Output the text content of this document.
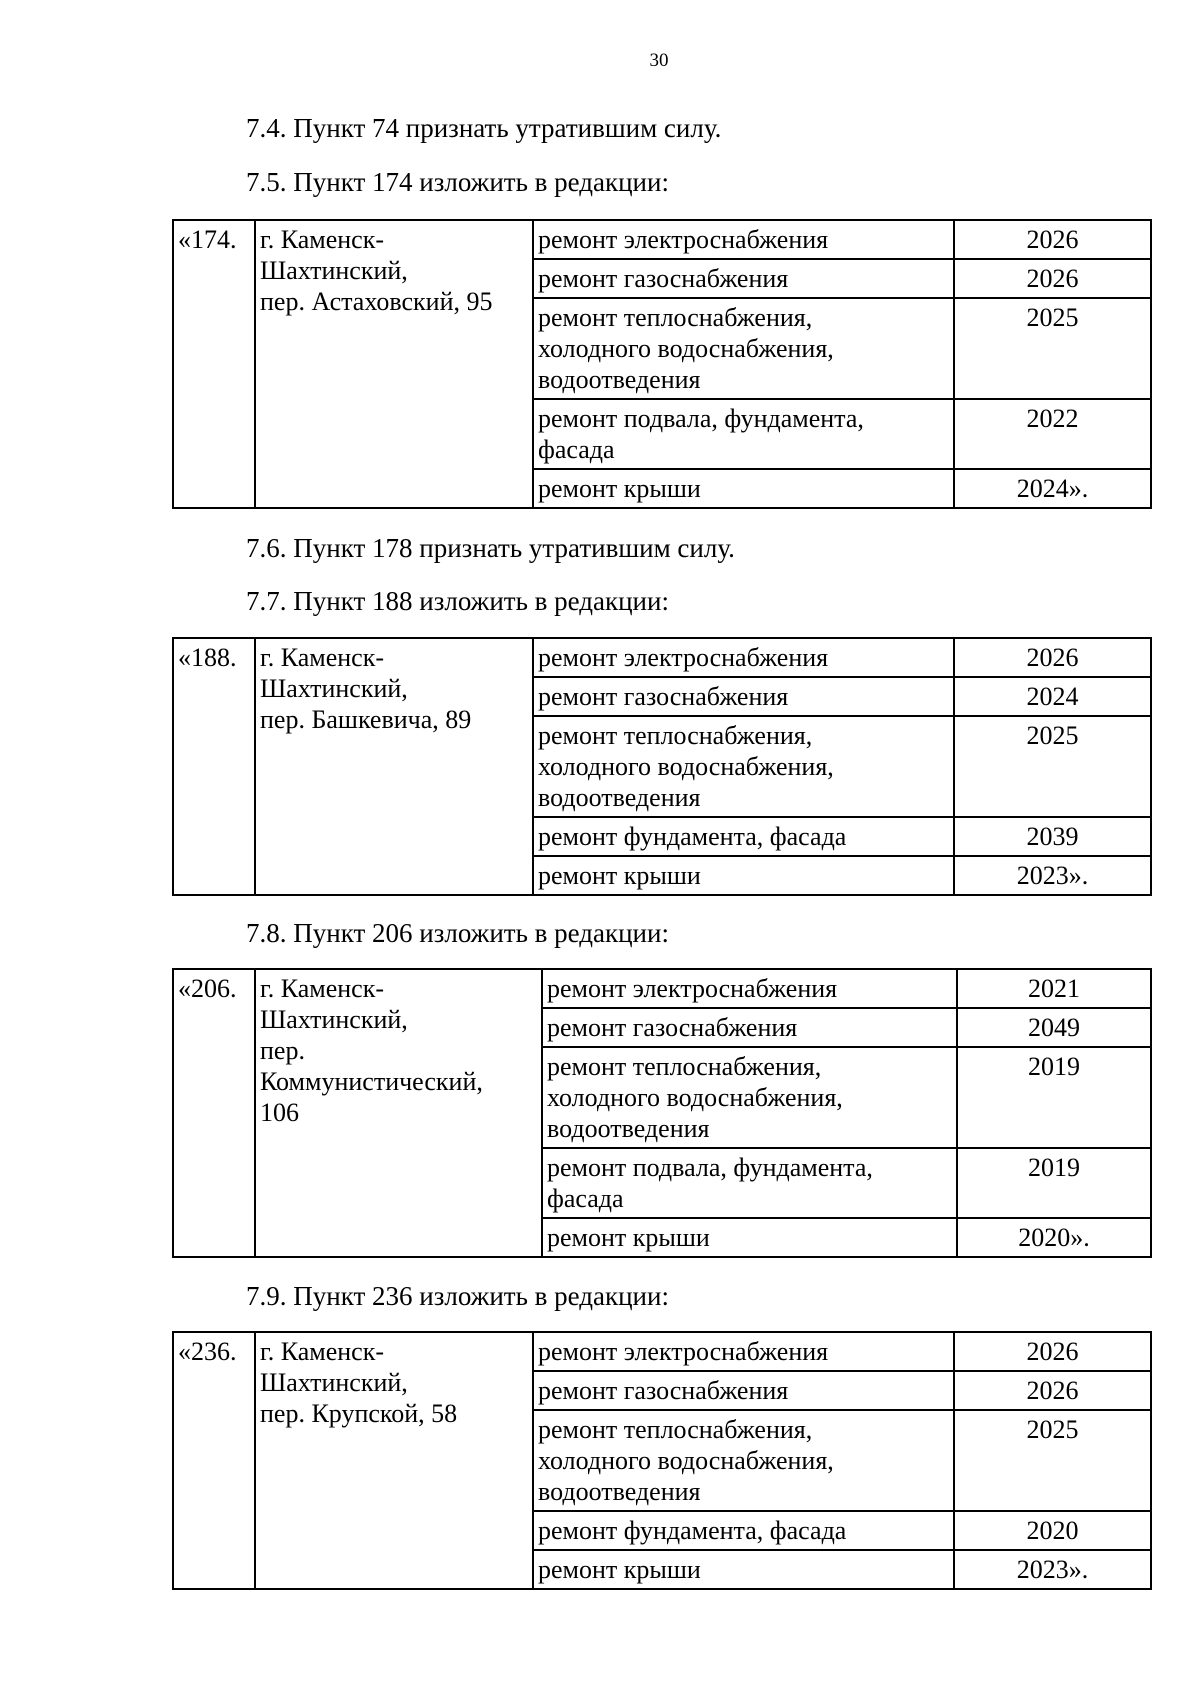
30
7.4. Пункт 74 признать утратившим силу.
7.5. Пункт 174 изложить в редакции:
«174.	г. Каменск-
Шахтинский,
пер. Астаховский, 95	ремонт электроснабжения	2026
		ремонт газоснабжения	2026
		ремонт теплоснабжения,
холодного водоснабжения,
водоотведения	2025
		ремонт подвала, фундамента,
фасада	2022
		ремонт крыши	2024».
7.6. Пункт 178 признать утратившим силу.
7.7. Пункт 188 изложить в редакции:
«188.	г. Каменск-
Шахтинский,
пер. Башкевича, 89	ремонт электроснабжения	2026
		ремонт газоснабжения	2024
		ремонт теплоснабжения,
холодного водоснабжения,
водоотведения	2025
		ремонт фундамента, фасада	2039
		ремонт крыши	2023».
7.8. Пункт 206 изложить в редакции:
«206.	г. Каменск-
Шахтинский,
пер.
Коммунистический,
106	ремонт электроснабжения	2021
		ремонт газоснабжения	2049
		ремонт теплоснабжения,
холодного водоснабжения,
водоотведения	2019
		ремонт подвала, фундамента,
фасада	2019
		ремонт крыши	2020».
7.9. Пункт 236 изложить в редакции:
«236.	г. Каменск-
Шахтинский,
пер. Крупской, 58	ремонт электроснабжения	2026
		ремонт газоснабжения	2026
		ремонт теплоснабжения,
холодного водоснабжения,
водоотведения	2025
		ремонт фундамента, фасада	2020
		ремонт крыши	2023».
